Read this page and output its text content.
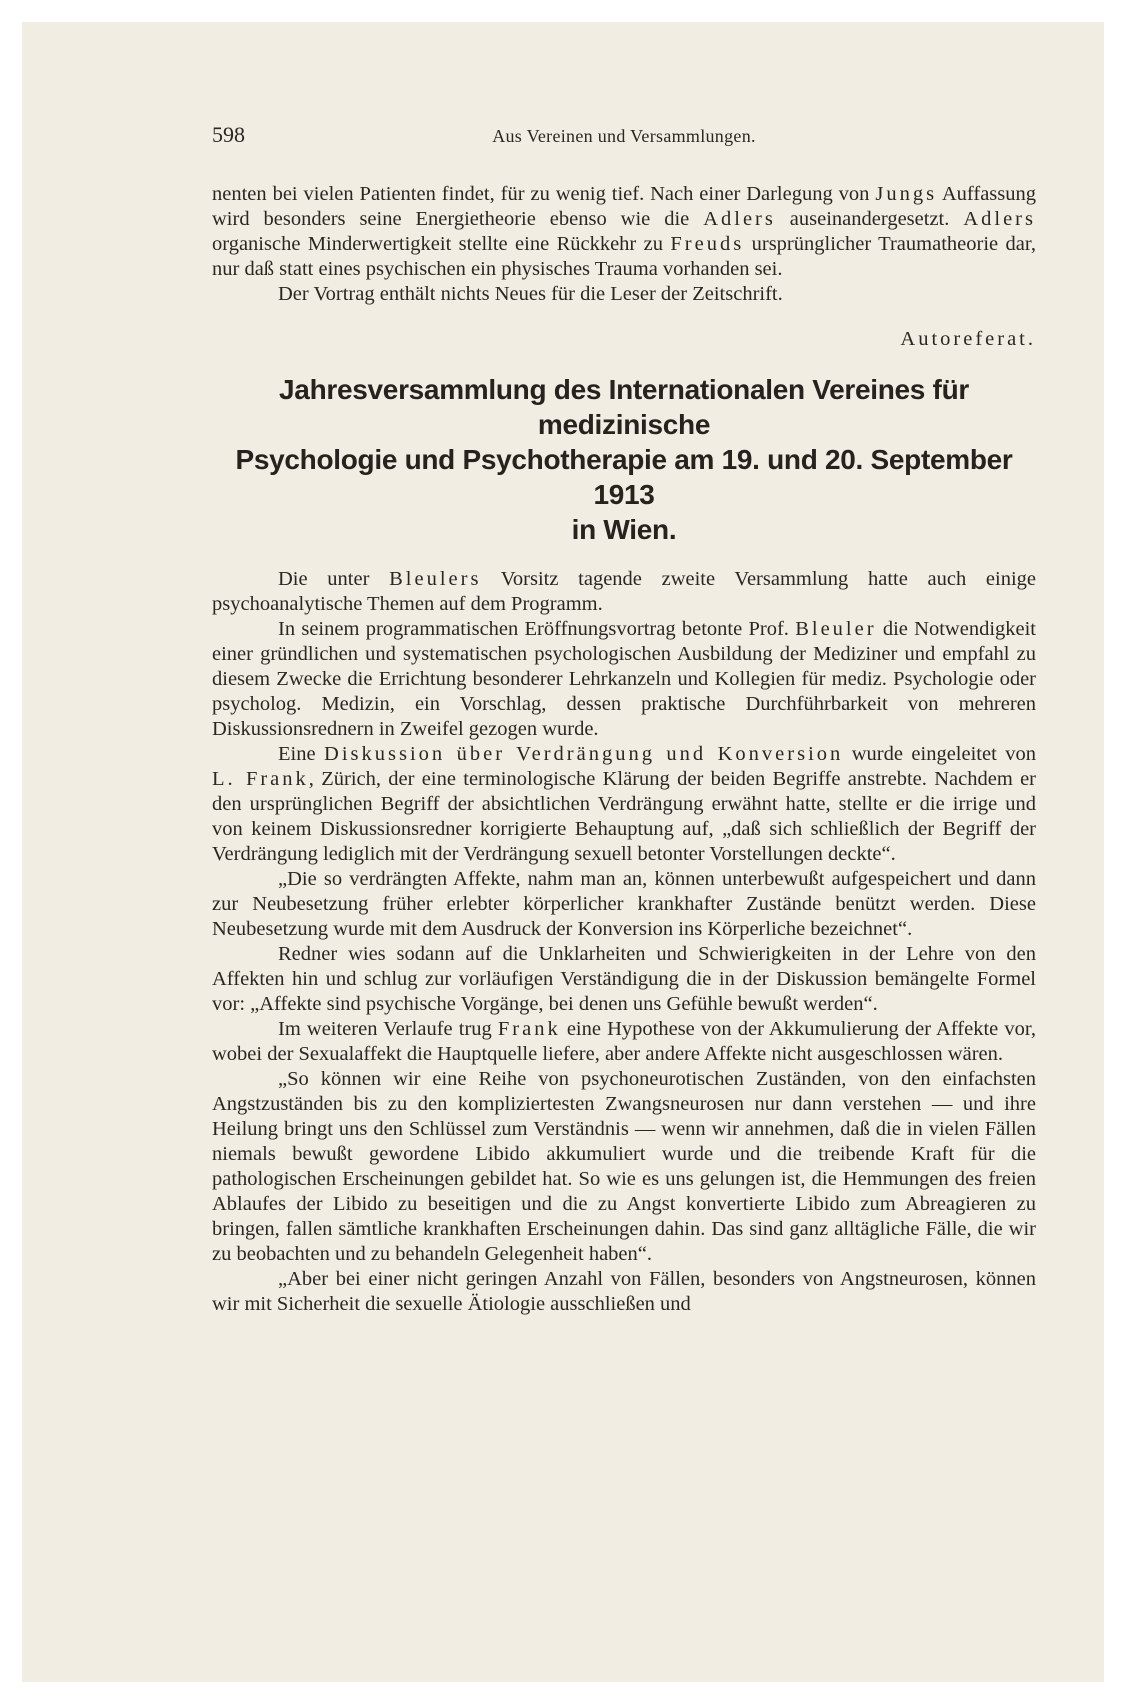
598	Aus Vereinen und Versammlungen.

nenten bei vielen Patienten findet, für zu wenig tief. Nach einer Darlegung von Jungs Auffassung wird besonders seine Energietheorie ebenso wie die Adlers auseinandergesetzt. Adlers organische Minderwertigkeit stellte eine Rückkehr zu Freuds ursprünglicher Traumatheorie dar, nur daß statt eines psychischen ein physisches Trauma vorhanden sei.

Der Vortrag enthält nichts Neues für die Leser der Zeitschrift.

Autoreferat.

Jahresversammlung des Internationalen Vereines für medizinische
Psychologie und Psychotherapie am 19. und 20. September 1913
in Wien.

Die unter Bleulers Vorsitz tagende zweite Versammlung hatte auch einige psychoanalytische Themen auf dem Programm.

In seinem programmatischen Eröffnungsvortrag betonte Prof. Bleuler die Notwendigkeit einer gründlichen und systematischen psychologischen Ausbildung der Mediziner und empfahl zu diesem Zwecke die Errichtung besonderer Lehrkanzeln und Kollegien für mediz. Psychologie oder psycholog. Medizin, ein Vorschlag, dessen praktische Durchführbarkeit von mehreren Diskussionsrednern in Zweifel gezogen wurde.

Eine Diskussion über Verdrängung und Konversion wurde eingeleitet von L. Frank, Zürich, der eine terminologische Klärung der beiden Begriffe anstrebte. Nachdem er den ursprünglichen Begriff der absichtlichen Verdrängung erwähnt hatte, stellte er die irrige und von keinem Diskussionsredner korrigierte Behauptung auf, „daß sich schließlich der Begriff der Verdrängung lediglich mit der Verdrängung sexuell betonter Vorstellungen deckte“.

„Die so verdrängten Affekte, nahm man an, können unterbewußt aufgespeichert und dann zur Neubesetzung früher erlebter körperlicher krankhafter Zustände benützt werden. Diese Neubesetzung wurde mit dem Ausdruck der Konversion ins Körperliche bezeichnet“.

Redner wies sodann auf die Unklarheiten und Schwierigkeiten in der Lehre von den Affekten hin und schlug zur vorläufigen Verständigung die in der Diskussion bemängelte Formel vor: „Affekte sind psychische Vorgänge, bei denen uns Gefühle bewußt werden“.

Im weiteren Verlaufe trug Frank eine Hypothese von der Akkumulierung der Affekte vor, wobei der Sexualaffekt die Hauptquelle liefere, aber andere Affekte nicht ausgeschlossen wären.

„So können wir eine Reihe von psychoneurotischen Zuständen, von den einfachsten Angstzuständen bis zu den kompliziertesten Zwangsneurosen nur dann verstehen — und ihre Heilung bringt uns den Schlüssel zum Verständnis — wenn wir annehmen, daß die in vielen Fällen niemals bewußt gewordene Libido akkumuliert wurde und die treibende Kraft für die pathologischen Erscheinungen gebildet hat. So wie es uns gelungen ist, die Hemmungen des freien Ablaufes der Libido zu beseitigen und die zu Angst konvertierte Libido zum Abreagieren zu bringen, fallen sämtliche krankhaften Erscheinungen dahin. Das sind ganz alltägliche Fälle, die wir zu beobachten und zu behandeln Gelegenheit haben“.

„Aber bei einer nicht geringen Anzahl von Fällen, besonders von Angstneurosen, können wir mit Sicherheit die sexuelle Ätiologie ausschließen und
